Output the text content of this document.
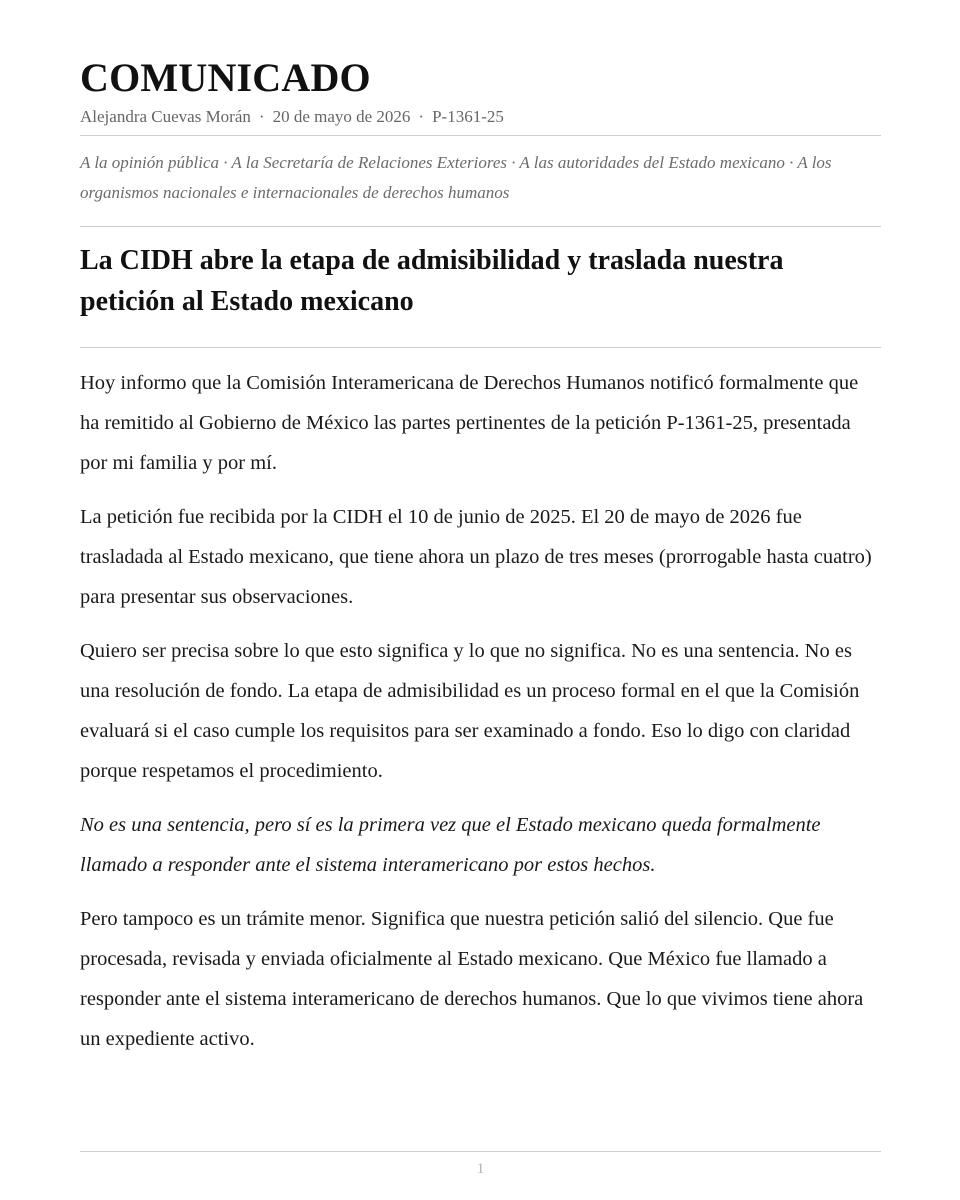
COMUNICADO
Alejandra Cuevas Morán · 20 de mayo de 2026 · P-1361-25
A la opinión pública · A la Secretaría de Relaciones Exteriores · A las autoridades del Estado mexicano · A los organismos nacionales e internacionales de derechos humanos
La CIDH abre la etapa de admisibilidad y traslada nuestra petición al Estado mexicano

Hoy informo que la Comisión Interamericana de Derechos Humanos notificó formalmente que ha remitido al Gobierno de México las partes pertinentes de la petición P-1361-25, presentada por mi familia y por mí.

La petición fue recibida por la CIDH el 10 de junio de 2025. El 20 de mayo de 2026 fue trasladada al Estado mexicano, que tiene ahora un plazo de tres meses (prorrogable hasta cuatro) para presentar sus observaciones.

Quiero ser precisa sobre lo que esto significa y lo que no significa. No es una sentencia. No es una resolución de fondo. La etapa de admisibilidad es un proceso formal en el que la Comisión evaluará si el caso cumple los requisitos para ser examinado a fondo. Eso lo digo con claridad porque respetamos el procedimiento.

No es una sentencia, pero sí es la primera vez que el Estado mexicano queda formalmente llamado a responder ante el sistema interamericano por estos hechos.

Pero tampoco es un trámite menor. Significa que nuestra petición salió del silencio. Que fue procesada, revisada y enviada oficialmente al Estado mexicano. Que México fue llamado a responder ante el sistema interamericano de derechos humanos. Que lo que vivimos tiene ahora un expediente activo.

1
